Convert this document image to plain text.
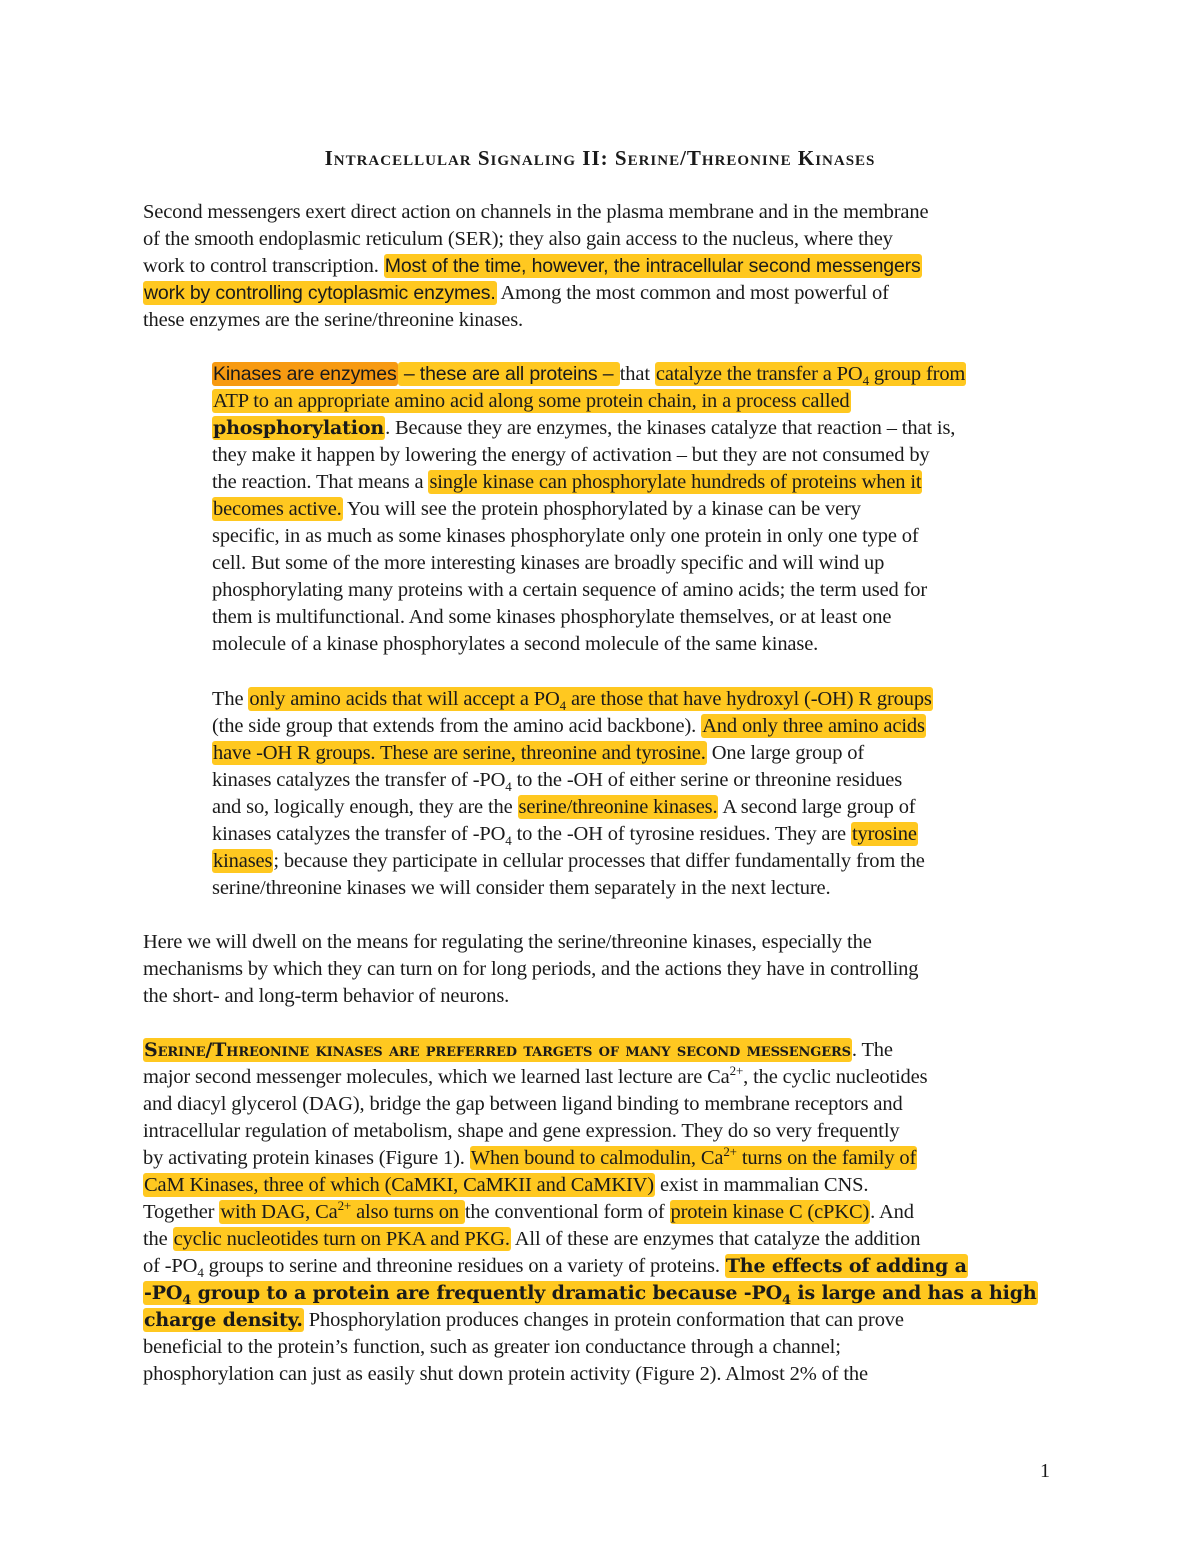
Intracellular Signaling II: Serine/Threonine Kinases
Second messengers exert direct action on channels in the plasma membrane and in the membrane
of the smooth endoplasmic reticulum (SER); they also gain access to the nucleus, where they
work to control transcription. Most of the time, however, the intracellular second messengers
work by controlling cytoplasmic enzymes. Among the most common and most powerful of
these enzymes are the serine/threonine kinases.
Kinases are enzymes – these are all proteins – that catalyze the transfer a $PO_4$ group from
ATP to an appropriate amino acid along some protein chain, in a process called
phosphorylation. Because they are enzymes, the kinases catalyze that reaction – that is,
they make it happen by lowering the energy of activation – but they are not consumed by
the reaction. That means a single kinase can phosphorylate hundreds of proteins when it
becomes active. You will see the protein phosphorylated by a kinase can be very
specific, in as much as some kinases phosphorylate only one protein in only one type of
cell. But some of the more interesting kinases are broadly specific and will wind up
phosphorylating many proteins with a certain sequence of amino acids; the term used for
them is multifunctional. And some kinases phosphorylate themselves, or at least one
molecule of a kinase phosphorylates a second molecule of the same kinase.
The only amino acids that will accept a $PO_4$ are those that have hydroxyl (-OH) R groups
(the side group that extends from the amino acid backbone). And only three amino acids
have -OH R groups. These are serine, threonine and tyrosine. One large group of
kinases catalyzes the transfer of $-PO_4$ to the -OH of either serine or threonine residues
and so, logically enough, they are the serine/threonine kinases. A second large group of
kinases catalyzes the transfer of $-PO_4$ to the -OH of tyrosine residues. They are tyrosine
kinases; because they participate in cellular processes that differ fundamentally from the
serine/threonine kinases we will consider them separately in the next lecture.
Here we will dwell on the means for regulating the serine/threonine kinases, especially the
mechanisms by which they can turn on for long periods, and the actions they have in controlling
the short- and long-term behavior of neurons.
Serine/Threonine kinases are preferred targets of many second messengers. The
major second messenger molecules, which we learned last lecture are $Ca^{2+}$, the cyclic nucleotides
and diacyl glycerol (DAG), bridge the gap between ligand binding to membrane receptors and
intracellular regulation of metabolism, shape and gene expression. They do so very frequently
by activating protein kinases (Figure 1). When bound to calmodulin, $Ca^{2+}$ turns on the family of
CaM Kinases, three of which (CaMKI, CaMKII and CaMKIV) exist in mammalian CNS.
Together with DAG, $Ca^{2+}$ also turns on the conventional form of protein kinase C (cPKC). And
the cyclic nucleotides turn on PKA and PKG. All of these are enzymes that catalyze the addition
of $-PO_4$ groups to serine and threonine residues on a variety of proteins. The effects of adding a
$-PO_4$ group to a protein are frequently dramatic because $-PO_4$ is large and has a high
charge density. Phosphorylation produces changes in protein conformation that can prove
beneficial to the protein’s function, such as greater ion conductance through a channel;
phosphorylation can just as easily shut down protein activity (Figure 2). Almost 2% of the
1
